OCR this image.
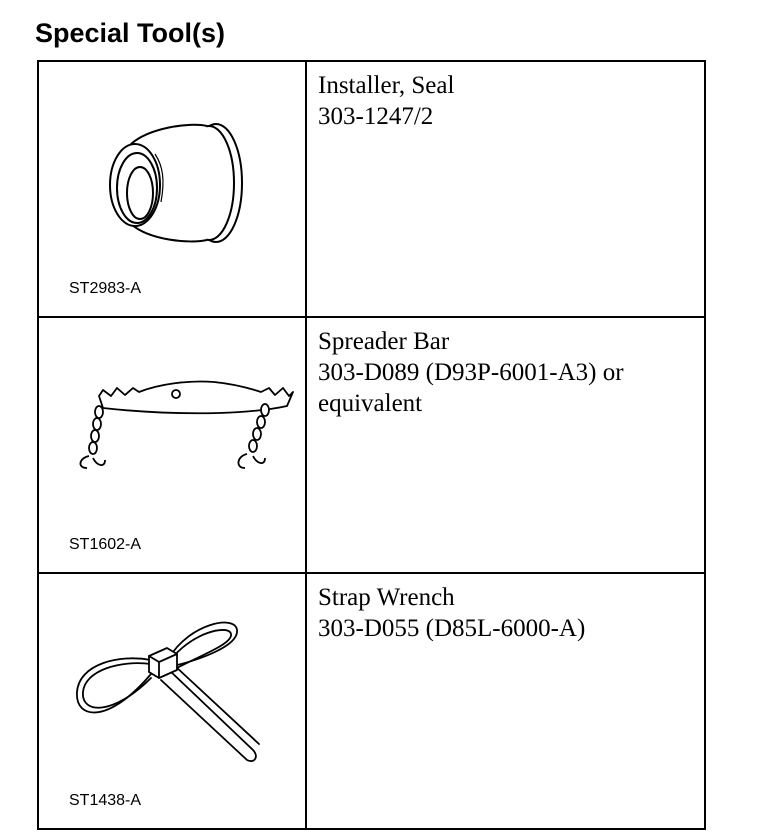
Special Tool(s)
ST2983-A	Installer, Seal
303-1247/2

ST1602-A	Spreader Bar
303-D089 (D93P-6001-A3) or
equivalent

ST1438-A	Strap Wrench
303-D055 (D85L-6000-A)
